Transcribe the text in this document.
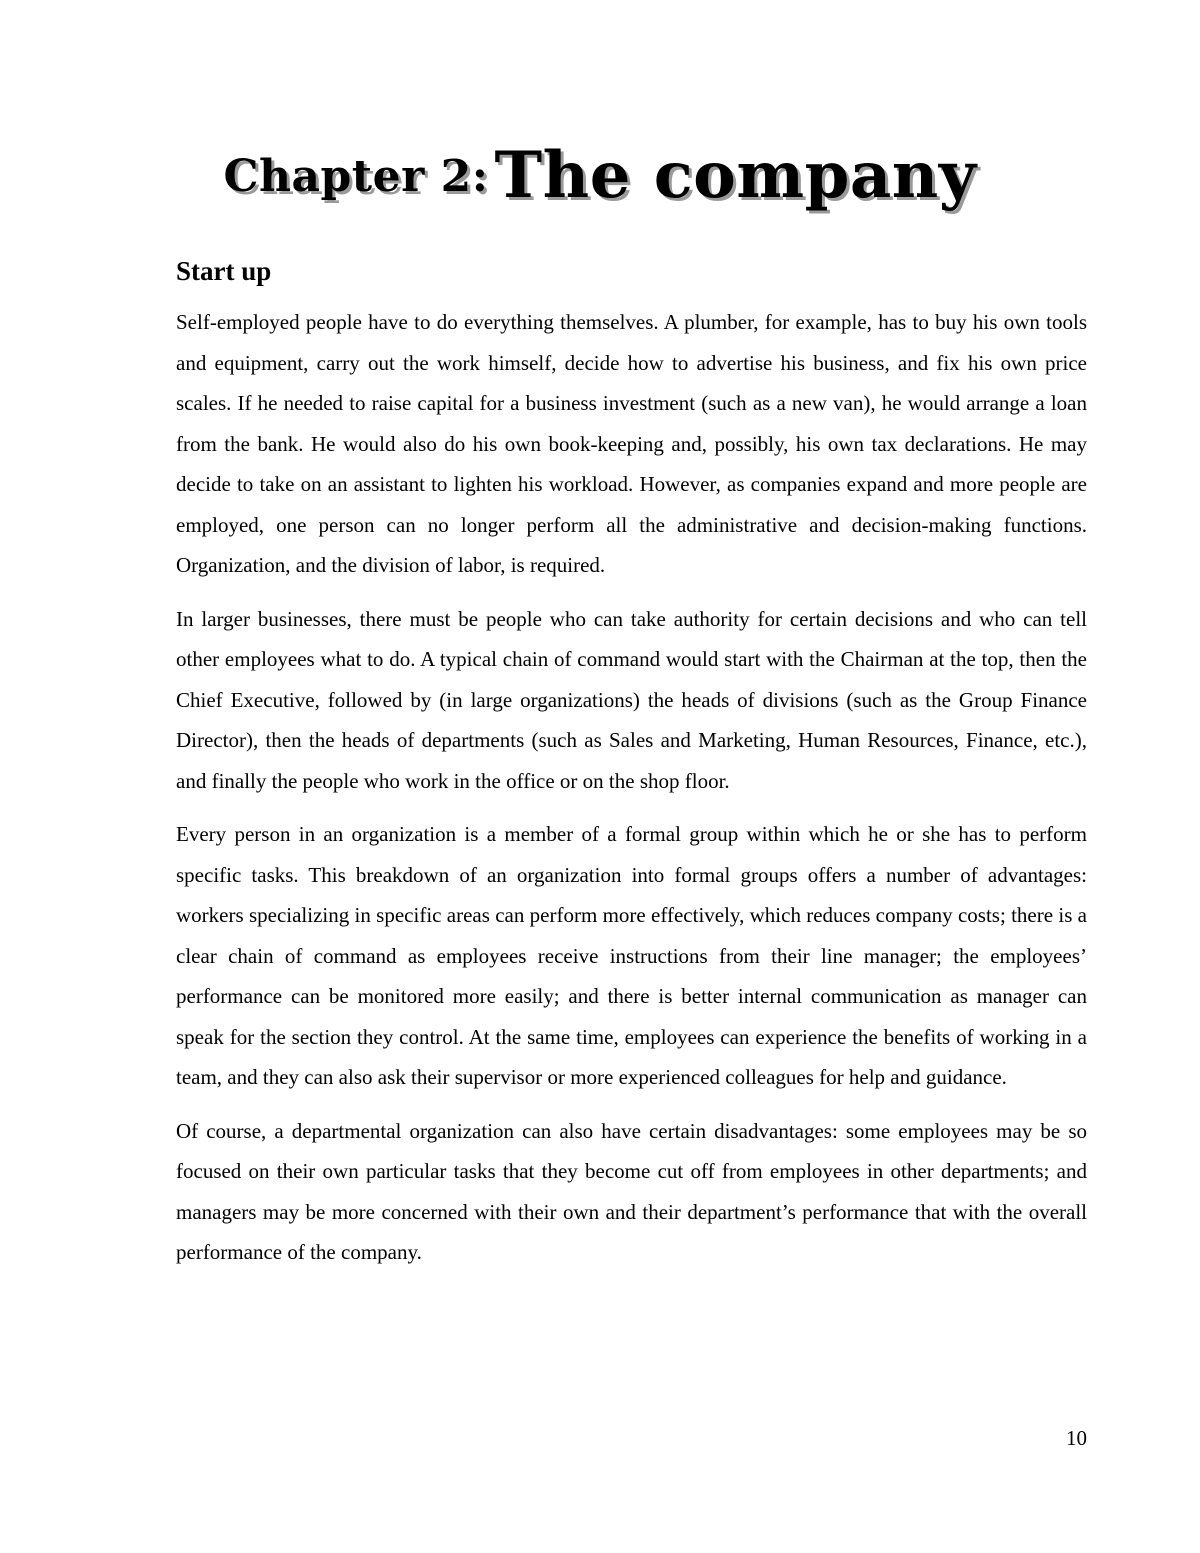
Chapter 2: The company
Start up

Self-employed people have to do everything themselves. A plumber, for example, has to buy his own tools and equipment, carry out the work himself, decide how to advertise his business, and fix his own price scales. If he needed to raise capital for a business investment (such as a new van), he would arrange a loan from the bank. He would also do his own book-keeping and, possibly, his own tax declarations. He may decide to take on an assistant to lighten his workload. However, as companies expand and more people are employed, one person can no longer perform all the administrative and decision-making functions. Organization, and the division of labor, is required.

In larger businesses, there must be people who can take authority for certain decisions and who can tell other employees what to do. A typical chain of command would start with the Chairman at the top, then the Chief Executive, followed by (in large organizations) the heads of divisions (such as the Group Finance Director), then the heads of departments (such as Sales and Marketing, Human Resources, Finance, etc.), and finally the people who work in the office or on the shop floor.

Every person in an organization is a member of a formal group within which he or she has to perform specific tasks. This breakdown of an organization into formal groups offers a number of advantages: workers specializing in specific areas can perform more effectively, which reduces company costs; there is a clear chain of command as employees receive instructions from their line manager; the employees’ performance can be monitored more easily; and there is better internal communication as manager can speak for the section they control. At the same time, employees can experience the benefits of working in a team, and they can also ask their supervisor or more experienced colleagues for help and guidance.

Of course, a departmental organization can also have certain disadvantages: some employees may be so focused on their own particular tasks that they become cut off from employees in other departments; and managers may be more concerned with their own and their department’s performance that with the overall performance of the company.

10
